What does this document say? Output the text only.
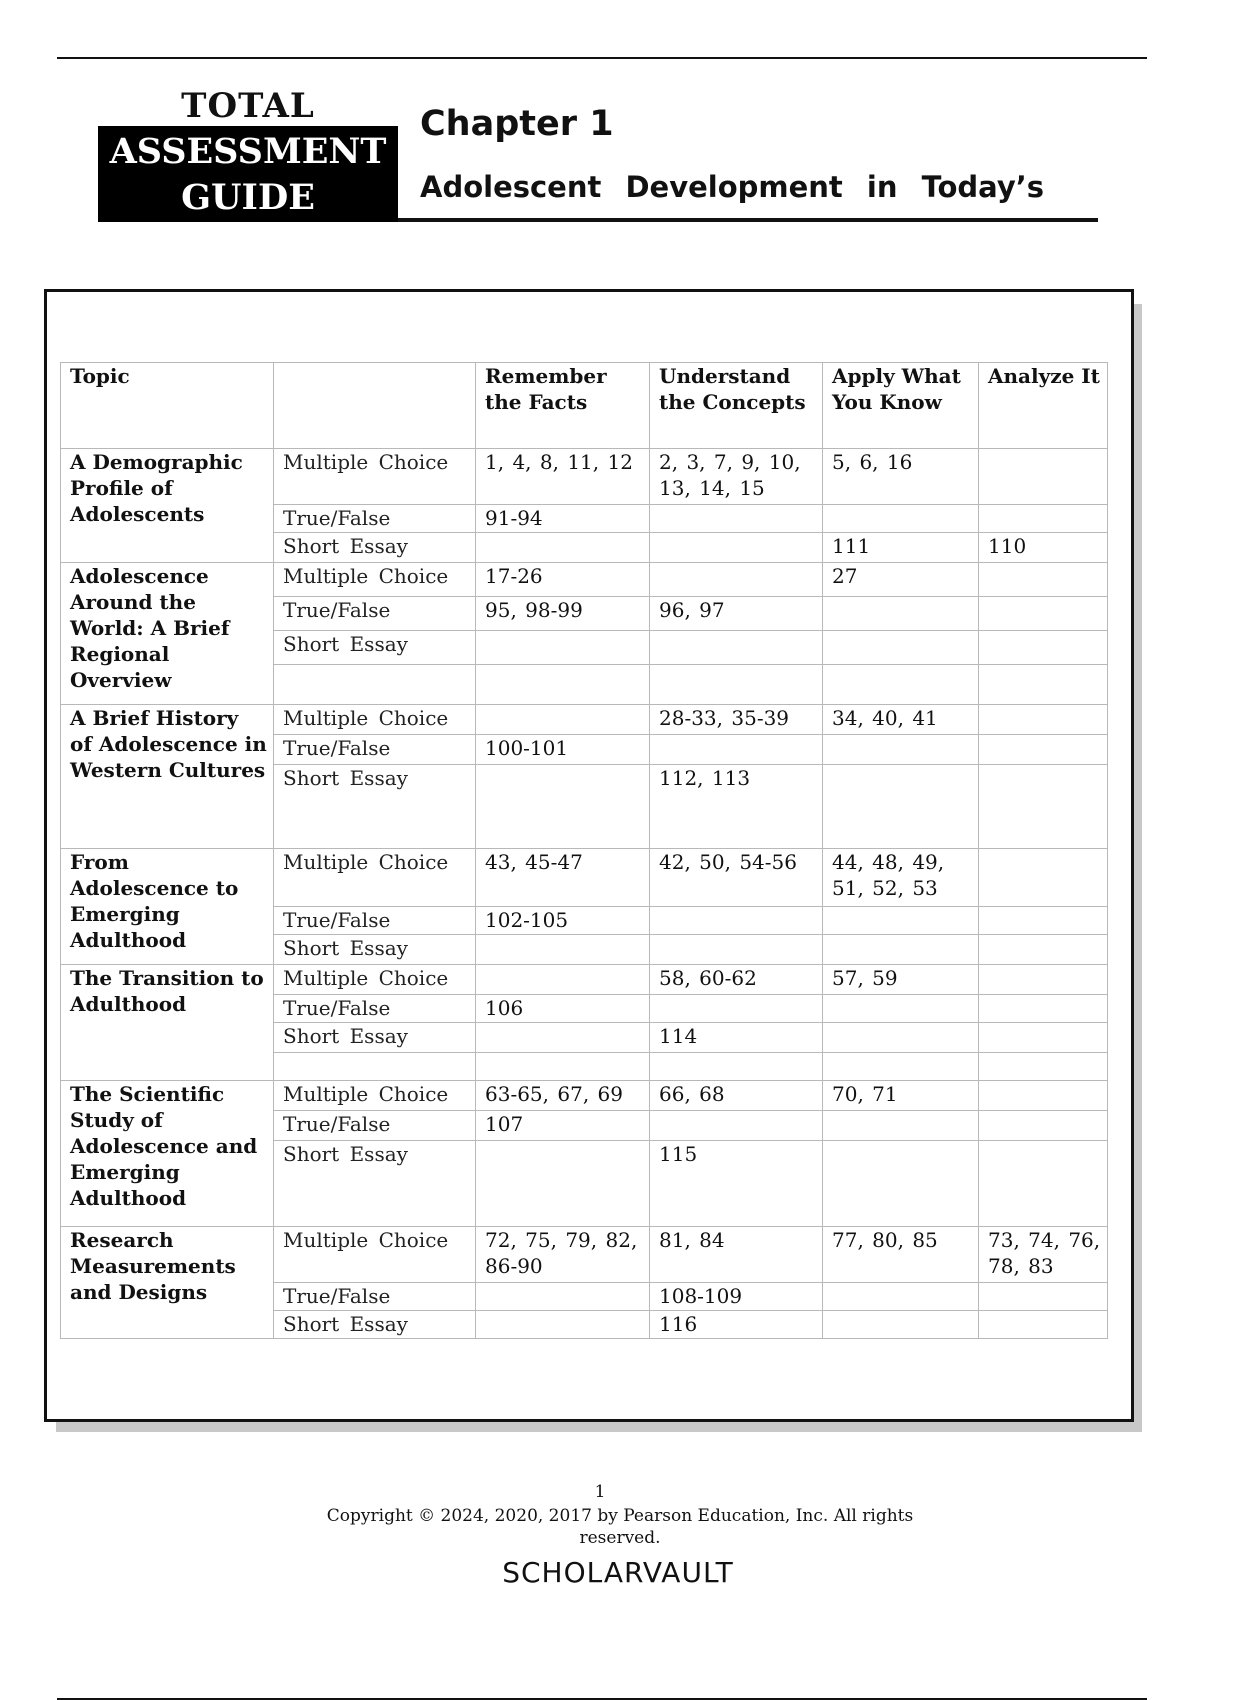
TOTAL
ASSESSMENT
GUIDE
Chapter 1
Adolescent Development in Today’s
Topic		Remember the Facts	Understand the Concepts	Apply What You Know	Analyze It
A Demographic Profile of Adolescents	Multiple Choice	1, 4, 8, 11, 12	2, 3, 7, 9, 10, 13, 14, 15	5, 6, 16	
	True/False	91-94			
	Short Essay			111	110
Adolescence Around the World: A Brief Regional Overview	Multiple Choice	17-26		27	
	True/False	95, 98-99	96, 97		
	Short Essay				

A Brief History of Adolescence in Western Cultures	Multiple Choice		28-33, 35-39	34, 40, 41	
	True/False	100-101			
	Short Essay		112, 113		
From Adolescence to Emerging Adulthood	Multiple Choice	43, 45-47	42, 50, 54-56	44, 48, 49, 51, 52, 53	
	True/False	102-105			
	Short Essay				
The Transition to Adulthood	Multiple Choice		58, 60-62	57, 59	
	True/False	106			
	Short Essay		114		

The Scientific Study of Adolescence and Emerging Adulthood	Multiple Choice	63-65, 67, 69	66, 68	70, 71	
	True/False	107			
	Short Essay		115		
Research Measurements and Designs	Multiple Choice	72, 75, 79, 82, 86-90	81, 84	77, 80, 85	73, 74, 76, 78, 83
	True/False		108-109		
	Short Essay		116		
1
Copyright © 2024, 2020, 2017 by Pearson Education, Inc. All rights reserved.
SCHOLARVAULT
